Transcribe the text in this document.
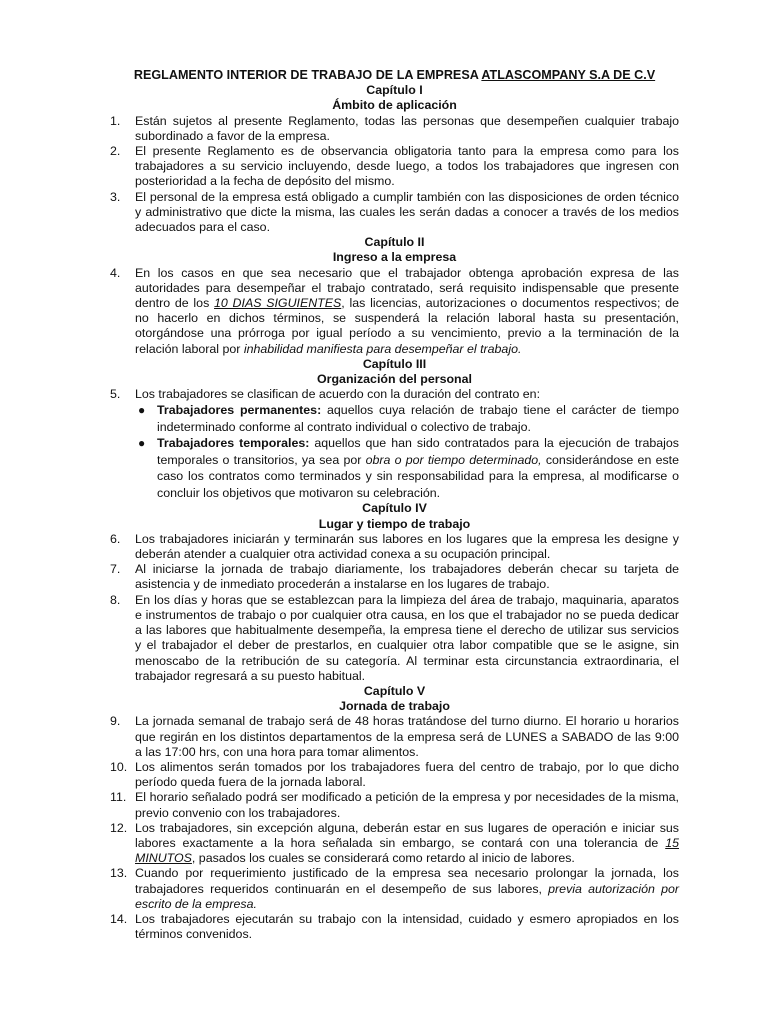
REGLAMENTO INTERIOR DE TRABAJO DE LA EMPRESA ATLASCOMPANY S.A DE C.V

Capítulo I

Ámbito de aplicación

1. Están sujetos al presente Reglamento, todas las personas que desempeñen cualquier trabajo subordinado a favor de la empresa.
2. El presente Reglamento es de observancia obligatoria tanto para la empresa como para los trabajadores a su servicio incluyendo, desde luego, a todos los trabajadores que ingresen con posterioridad a la fecha de depósito del mismo.
3. El personal de la empresa está obligado a cumplir también con las disposiciones de orden técnico y administrativo que dicte la misma, las cuales les serán dadas a conocer a través de los medios adecuados para el caso.

Capítulo II

Ingreso a la empresa

4. En los casos en que sea necesario que el trabajador obtenga aprobación expresa de las autoridades para desempeñar el trabajo contratado, será requisito indispensable que presente dentro de los 10 DIAS SIGUIENTES, las licencias, autorizaciones o documentos respectivos; de no hacerlo en dichos términos, se suspenderá la relación laboral hasta su presentación, otorgándose una prórroga por igual período a su vencimiento, previo a la terminación de la relación laboral por inhabilidad manifiesta para desempeñar el trabajo.

Capítulo III

Organización del personal

5. Los trabajadores se clasifican de acuerdo con la duración del contrato en:
● Trabajadores permanentes: aquellos cuya relación de trabajo tiene el carácter de tiempo indeterminado conforme al contrato individual o colectivo de trabajo.
● Trabajadores temporales: aquellos que han sido contratados para la ejecución de trabajos temporales o transitorios, ya sea por obra o por tiempo determinado, considerándose en este caso los contratos como terminados y sin responsabilidad para la empresa, al modificarse o concluir los objetivos que motivaron su celebración.

Capítulo IV

Lugar y tiempo de trabajo

6. Los trabajadores iniciarán y terminarán sus labores en los lugares que la empresa les designe y deberán atender a cualquier otra actividad conexa a su ocupación principal.
7. Al iniciarse la jornada de trabajo diariamente, los trabajadores deberán checar su tarjeta de asistencia y de inmediato procederán a instalarse en los lugares de trabajo.
8. En los días y horas que se establezcan para la limpieza del área de trabajo, maquinaria, aparatos e instrumentos de trabajo o por cualquier otra causa, en los que el trabajador no se pueda dedicar a las labores que habitualmente desempeña, la empresa tiene el derecho de utilizar sus servicios y el trabajador el deber de prestarlos, en cualquier otra labor compatible que se le asigne, sin menoscabo de la retribución de su categoría. Al terminar esta circunstancia extraordinaria, el trabajador regresará a su puesto habitual.

Capítulo V

Jornada de trabajo

9. La jornada semanal de trabajo será de 48 horas tratándose del turno diurno. El horario u horarios que regirán en los distintos departamentos de la empresa será de LUNES a SABADO de las 9:00 a las 17:00 hrs, con una hora para tomar alimentos.
10. Los alimentos serán tomados por los trabajadores fuera del centro de trabajo, por lo que dicho período queda fuera de la jornada laboral.
11. El horario señalado podrá ser modificado a petición de la empresa y por necesidades de la misma, previo convenio con los trabajadores.
12. Los trabajadores, sin excepción alguna, deberán estar en sus lugares de operación e iniciar sus labores exactamente a la hora señalada sin embargo, se contará con una tolerancia de 15 MINUTOS, pasados los cuales se considerará como retardo al inicio de labores.
13. Cuando por requerimiento justificado de la empresa sea necesario prolongar la jornada, los trabajadores requeridos continuarán en el desempeño de sus labores, previa autorización por escrito de la empresa.
14. Los trabajadores ejecutarán su trabajo con la intensidad, cuidado y esmero apropiados en los términos convenidos.
